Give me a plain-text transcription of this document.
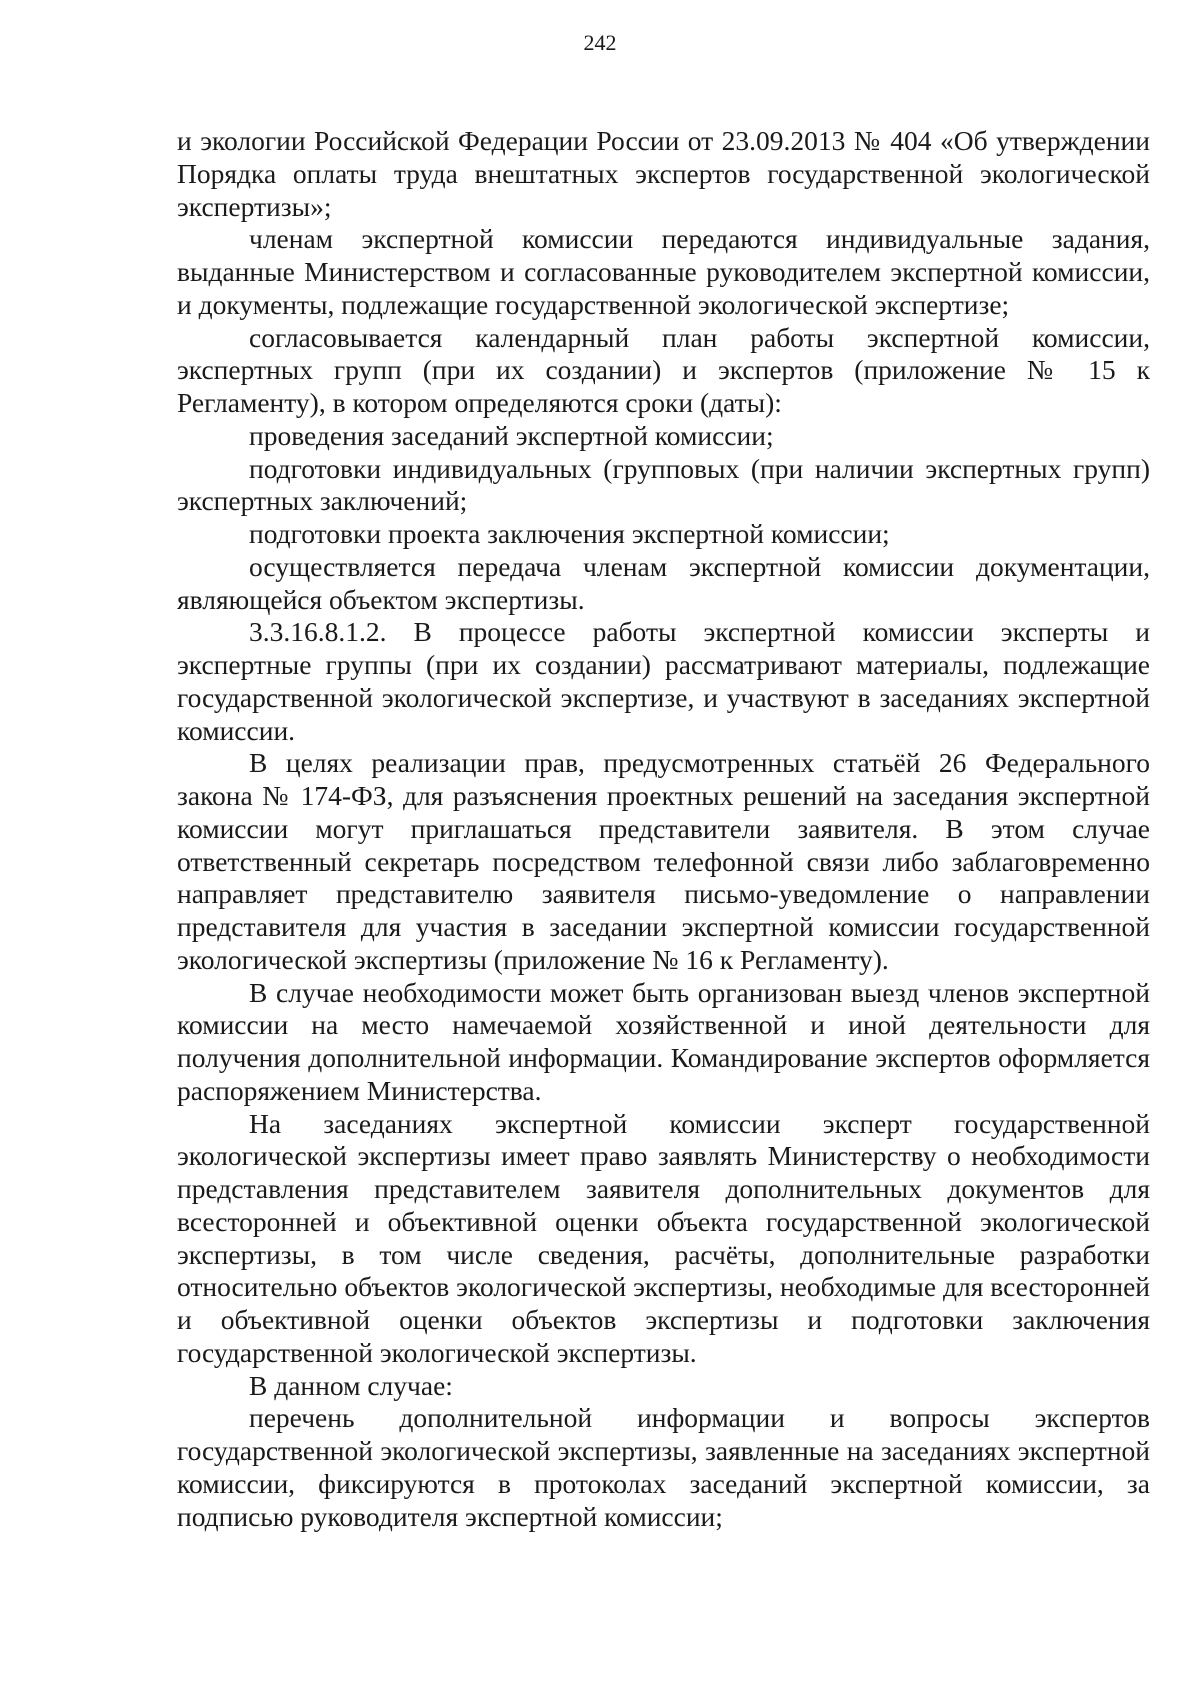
242

и экологии Российской Федерации России от 23.09.2013 № 404 «Об утверждении Порядка оплаты труда внештатных экспертов государственной экологической экспертизы»;

членам экспертной комиссии передаются индивидуальные задания, выданные Министерством и согласованные руководителем экспертной комиссии, и документы, подлежащие государственной экологической экспертизе;

согласовывается календарный план работы экспертной комиссии, экспертных групп (при их создании) и экспертов (приложение № 15 к Регламенту), в котором определяются сроки (даты):

проведения заседаний экспертной комиссии;

подготовки индивидуальных (групповых (при наличии экспертных групп) экспертных заключений;

подготовки проекта заключения экспертной комиссии;

осуществляется передача членам экспертной комиссии документации, являющейся объектом экспертизы.

3.3.16.8.1.2. В процессе работы экспертной комиссии эксперты и экспертные группы (при их создании) рассматривают материалы, подлежащие государственной экологической экспертизе, и участвуют в заседаниях экспертной комиссии.

В целях реализации прав, предусмотренных статьёй 26 Федерального закона № 174-ФЗ, для разъяснения проектных решений на заседания экспертной комиссии могут приглашаться представители заявителя. В этом случае ответственный секретарь посредством телефонной связи либо заблаговременно направляет представителю заявителя письмо-уведомление о направлении представителя для участия в заседании экспертной комиссии государственной экологической экспертизы (приложение № 16 к Регламенту).

В случае необходимости может быть организован выезд членов экспертной комиссии на место намечаемой хозяйственной и иной деятельности для получения дополнительной информации. Командирование экспертов оформляется распоряжением Министерства.

На заседаниях экспертной комиссии эксперт государственной экологической экспертизы имеет право заявлять Министерству о необходимости представления представителем заявителя дополнительных документов для всесторонней и объективной оценки объекта государственной экологической экспертизы, в том числе сведения, расчёты, дополнительные разработки относительно объектов экологической экспертизы, необходимые для всесторонней и объективной оценки объектов экспертизы и подготовки заключения государственной экологической экспертизы.

В данном случае:

перечень дополнительной информации и вопросы экспертов государственной экологической экспертизы, заявленные на заседаниях экспертной комиссии, фиксируются в протоколах заседаний экспертной комиссии, за подписью руководителя экспертной комиссии;
